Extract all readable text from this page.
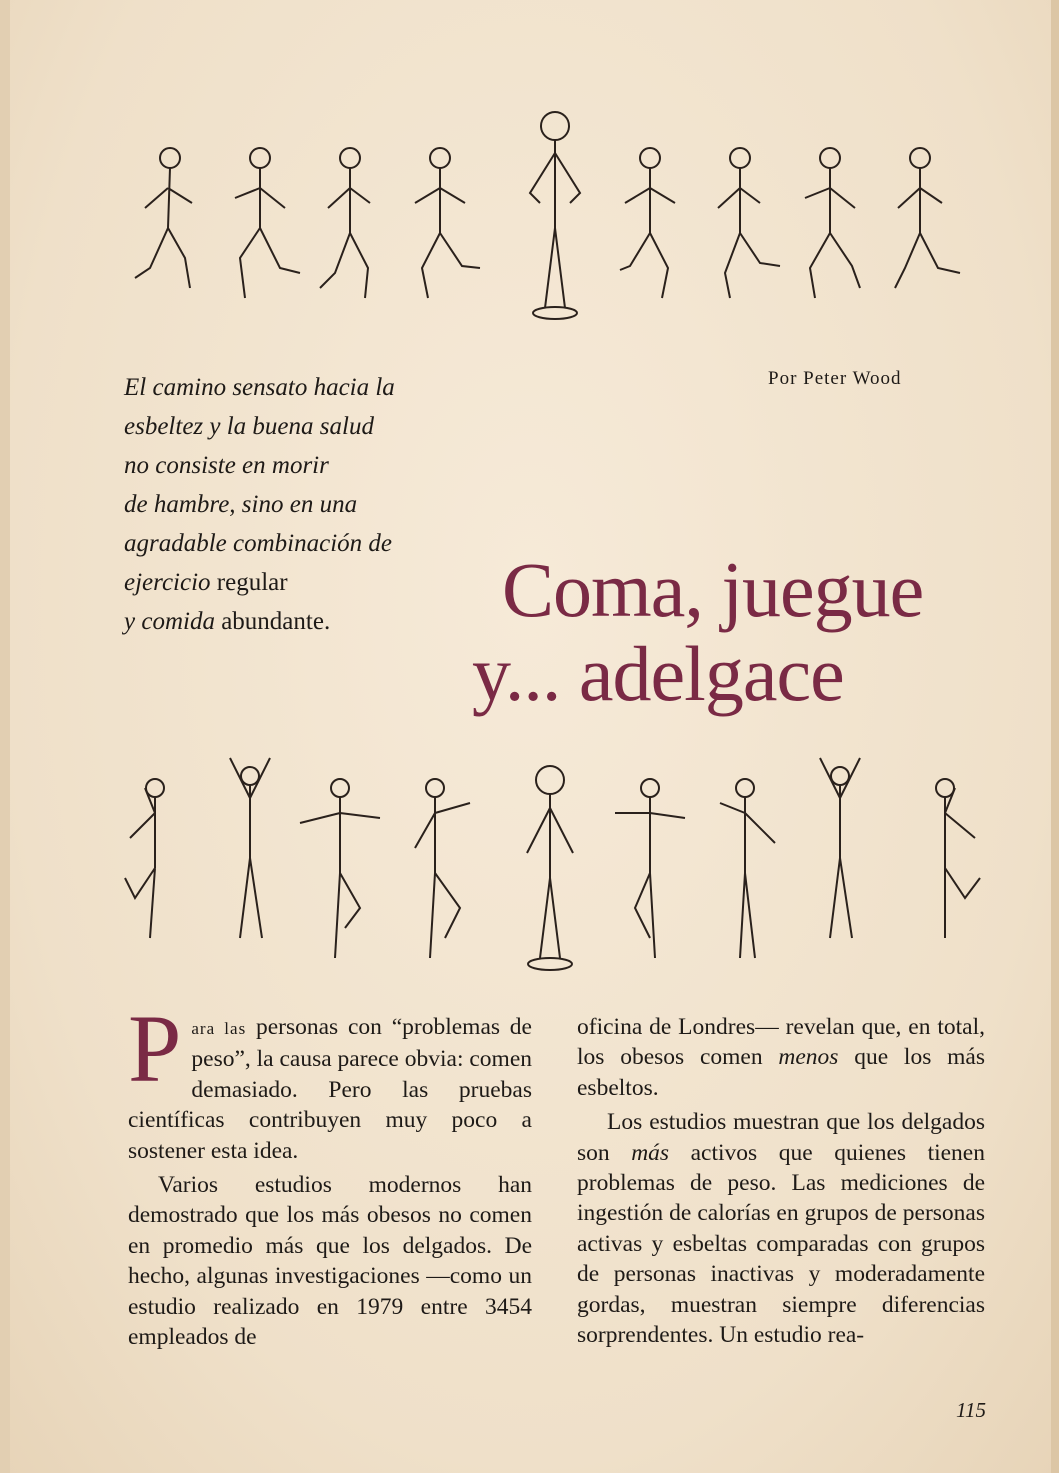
El camino sensato hacia la
esbeltez y la buena salud
no consiste en morir
de hambre, sino en una
agradable combinación de
ejercicio regular
y comida abundante.
Por Peter Wood
Coma, juegue
y... adelgace

Para las personas con “problemas de peso”, la causa parece obvia: comen demasiado. Pero las pruebas científicas contribuyen muy poco a sostener esta idea.

Varios estudios modernos han demostrado que los más obesos no comen en promedio más que los delgados. De hecho, algunas investigaciones —como un estudio realizado en 1979 entre 3454 empleados de

oficina de Londres— revelan que, en total, los obesos comen menos que los más esbeltos.

Los estudios muestran que los delgados son más activos que quienes tienen problemas de peso. Las mediciones de ingestión de calorías en grupos de personas activas y esbeltas comparadas con grupos de personas inactivas y moderadamente gordas, muestran siempre diferencias sorprendentes. Un estudio rea-

115
